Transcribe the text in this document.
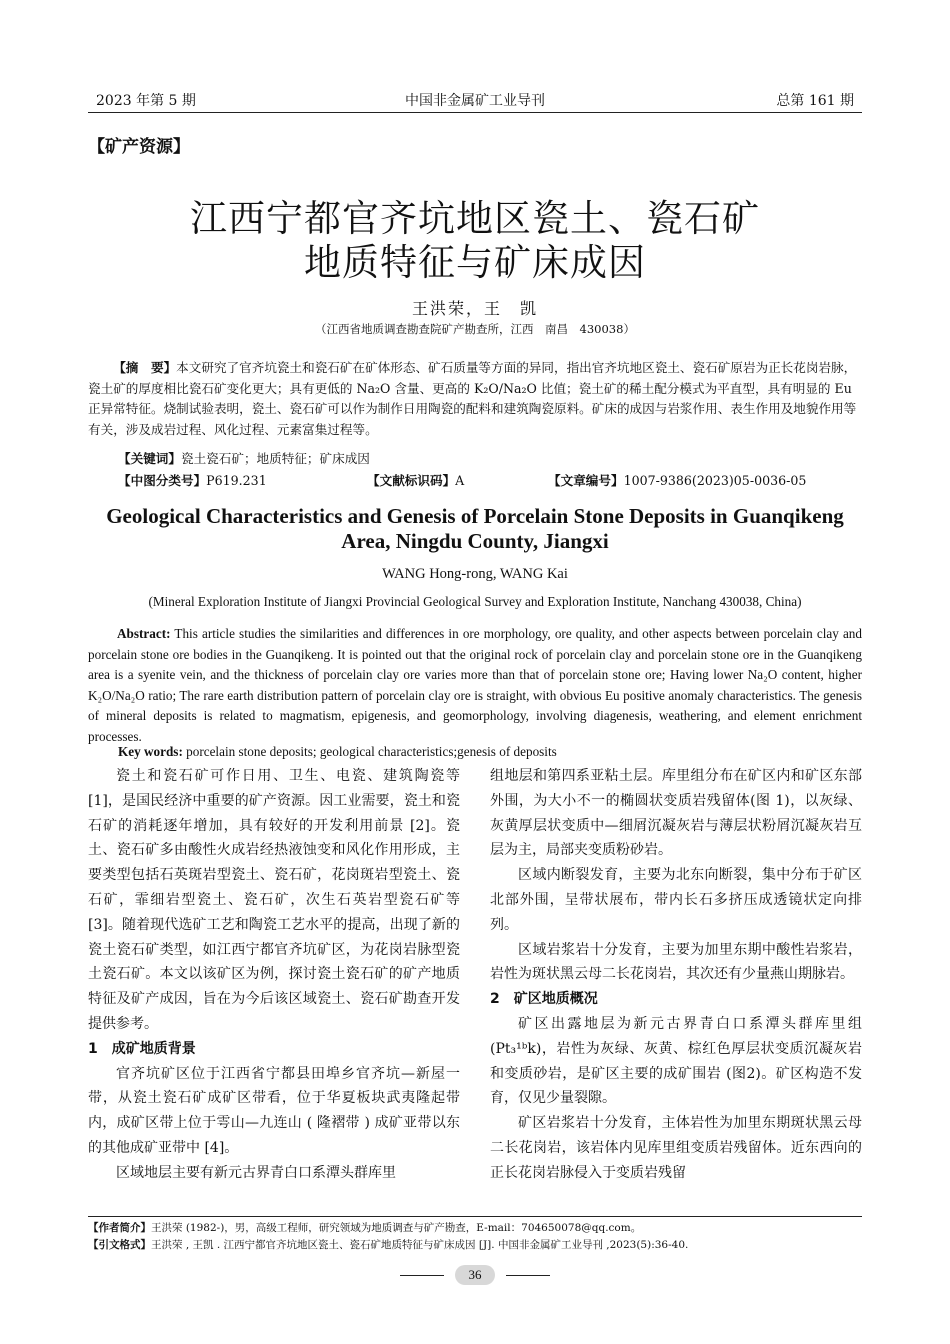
2023 年第 5 期	中国非金属矿工业导刊	总第 161 期
【矿产资源】
江西宁都官齐坑地区瓷土、瓷石矿
地质特征与矿床成因
王洪荣，王　凯
（江西省地质调查勘查院矿产勘查所，江西　南昌　430038）
【摘　要】本文研究了官齐坑瓷土和瓷石矿在矿体形态、矿石质量等方面的异同，指出官齐坑地区瓷土、瓷石矿原岩为正长花岗岩脉，瓷土矿的厚度相比瓷石矿变化更大；具有更低的 Na₂O 含量、更高的 K₂O/Na₂O 比值；瓷土矿的稀土配分模式为平直型，具有明显的 Eu 正异常特征。烧制试验表明，瓷土、瓷石矿可以作为制作日用陶瓷的配料和建筑陶瓷原料。矿床的成因与岩浆作用、表生作用及地貌作用等有关，涉及成岩过程、风化过程、元素富集过程等。
【关键词】瓷土瓷石矿；地质特征；矿床成因
【中图分类号】P619.231	【文献标识码】A	【文章编号】1007-9386(2023)05-0036-05
Geological Characteristics and Genesis of Porcelain Stone Deposits in Guanqikeng
Area, Ningdu County, Jiangxi
WANG Hong-rong, WANG Kai
(Mineral Exploration Institute of Jiangxi Provincial Geological Survey and Exploration Institute, Nanchang 430038, China)
Abstract: This article studies the similarities and differences in ore morphology, ore quality, and other aspects between porcelain clay and porcelain stone ore bodies in the Guanqikeng. It is pointed out that the original rock of porcelain clay and porcelain stone ore in the Guanqikeng area is a syenite vein, and the thickness of porcelain clay ore varies more than that of porcelain stone ore; Having lower Na₂O content, higher K₂O/Na₂O ratio; The rare earth distribution pattern of porcelain clay ore is straight, with obvious Eu positive anomaly characteristics. The genesis of mineral deposits is related to magmatism, epigenesis, and geomorphology, involving diagenesis, weathering, and element enrichment processes.
Key words: porcelain stone deposits; geological characteristics;genesis of deposits

瓷土和瓷石矿可作日用、卫生、电瓷、建筑陶瓷等 [1]，是国民经济中重要的矿产资源。因工业需要，瓷土和瓷石矿的消耗逐年增加，具有较好的开发利用前景 [2]。瓷土、瓷石矿多由酸性火成岩经热液蚀变和风化作用形成，主要类型包括石英斑岩型瓷土、瓷石矿，花岗斑岩型瓷土、瓷石矿，霏细岩型瓷土、瓷石矿，次生石英岩型瓷石矿等 [3]。随着现代选矿工艺和陶瓷工艺水平的提高，出现了新的瓷土瓷石矿类型，如江西宁都官齐坑矿区，为花岗岩脉型瓷土瓷石矿。本文以该矿区为例，探讨瓷土瓷石矿的矿产地质特征及矿产成因，旨在为今后该区域瓷土、瓷石矿勘查开发提供参考。

1　成矿地质背景

官齐坑矿区位于江西省宁都县田埠乡官齐坑—新屋一带，从瓷土瓷石矿成矿区带看，位于华夏板块武夷隆起带内，成矿区带上位于雩山—九连山 ( 隆褶带 ) 成矿亚带以东的其他成矿亚带中 [4]。

区域地层主要有新元古界青白口系潭头群库里

组地层和第四系亚粘土层。库里组分布在矿区内和矿区东部外围，为大小不一的椭圆状变质岩残留体(图 1)，以灰绿、灰黄厚层状变质中—细屑沉凝灰岩与薄层状粉屑沉凝灰岩互层为主，局部夹变质粉砂岩。

区域内断裂发育，主要为北东向断裂，集中分布于矿区北部外围，呈带状展布，带内长石多挤压成透镜状定向排列。

区域岩浆岩十分发育，主要为加里东期中酸性岩浆岩，岩性为斑状黑云母二长花岗岩，其次还有少量燕山期脉岩。

2　矿区地质概况

矿区出露地层为新元古界青白口系潭头群库里组 (Pt₃¹ᵇk)，岩性为灰绿、灰黄、棕红色厚层状变质沉凝灰岩和变质砂岩，是矿区主要的成矿围岩 (图2)。矿区构造不发育，仅见少量裂隙。

矿区岩浆岩十分发育，主体岩性为加里东期斑状黑云母二长花岗岩，该岩体内见库里组变质岩残留体。近东西向的正长花岗岩脉侵入于变质岩残留

【作者简介】王洪荣 (1982-)，男，高级工程师，研究领域为地质调查与矿产勘查，E-mail：704650078@qq.com。
【引文格式】王洪荣 , 王凯 . 江西宁都官齐坑地区瓷土、瓷石矿地质特征与矿床成因 [J]. 中国非金属矿工业导刊 ,2023(5):36-40.
36
